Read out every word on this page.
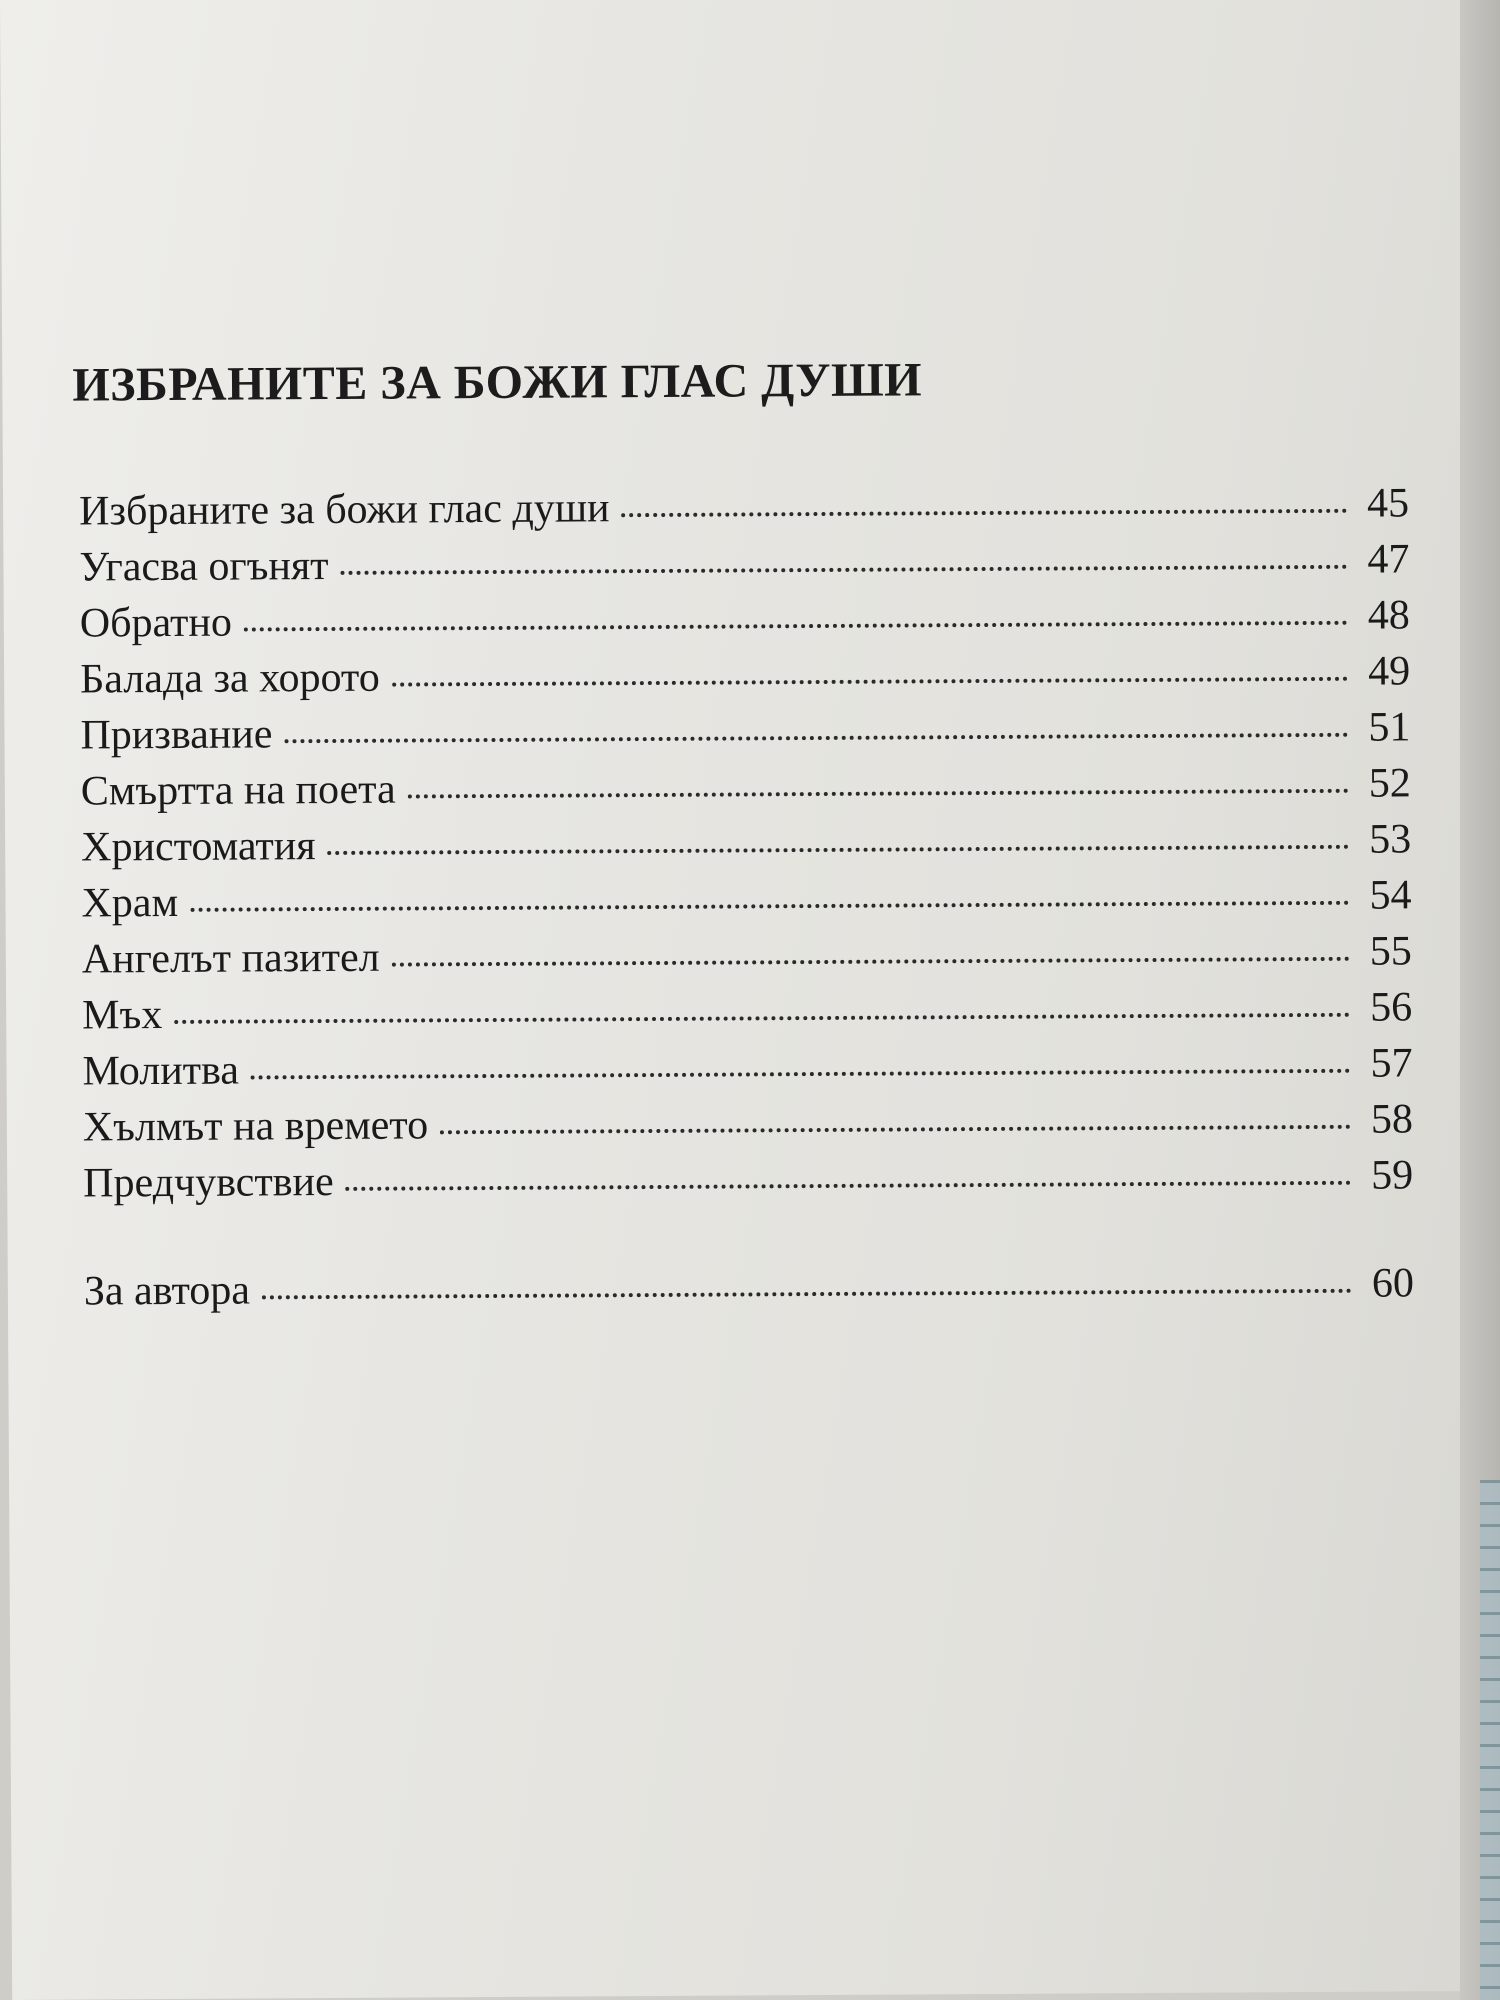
ИЗБРАНИТЕ ЗА БОЖИ ГЛАС ДУШИ
Избраните за божи глас души	45
Угасва огънят	47
Обратно	48
Балада за хорото	49
Призвание	51
Смъртта на поета	52
Христоматия	53
Храм	54
Ангелът пазител	55
Мъх	56
Молитва	57
Хълмът на времето	58
Предчувствие	59
За автора	60
